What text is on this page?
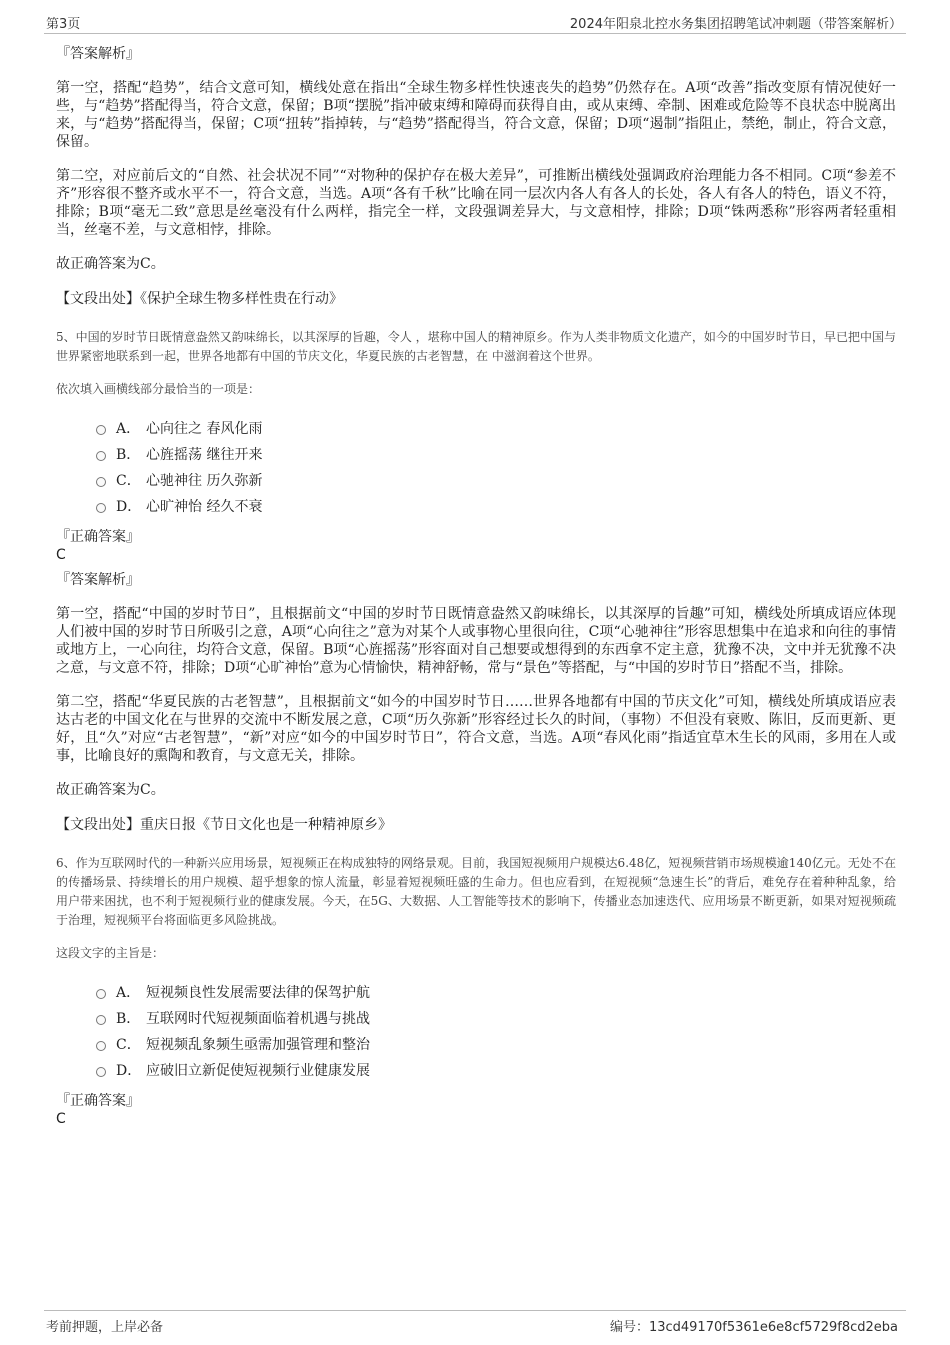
第3页	2024年阳泉北控水务集团招聘笔试冲刺题（带答案解析）
『答案解析』

第一空，搭配“趋势”，结合文意可知，横线处意在指出“全球生物多样性快速丧失的趋势”仍然存在。A项“改善”指改变原有情况使好一些，与“趋势”搭配得当，符合文意，保留；B项“摆脱”指冲破束缚和障碍而获得自由，或从束缚、牵制、困难或危险等不良状态中脱离出来，与“趋势”搭配得当，保留；C项“扭转”指掉转，与“趋势”搭配得当，符合文意，保留；D项“遏制”指阻止，禁绝，制止，符合文意，保留。

第二空，对应前后文的“自然、社会状况不同”“对物种的保护存在极大差异”，可推断出横线处强调政府治理能力各不相同。C项“参差不齐”形容很不整齐或水平不一，符合文意，当选。A项“各有千秋”比喻在同一层次内各人有各人的长处，各人有各人的特色，语义不符，排除；B项“毫无二致”意思是丝毫没有什么两样，指完全一样，文段强调差异大，与文意相悖，排除；D项“铢两悉称”形容两者轻重相当，丝毫不差，与文意相悖，排除。

故正确答案为C。

【文段出处】《保护全球生物多样性贵在行动》

5、中国的岁时节日既情意盎然又韵味绵长，以其深厚的旨趣，令人 ，堪称中国人的精神原乡。作为人类非物质文化遗产，如今的中国岁时节日，早已把中国与世界紧密地联系到一起，世界各地都有中国的节庆文化，华夏民族的古老智慧，在 中滋润着这个世界。

依次填入画横线部分最恰当的一项是：
A． 心向往之 春风化雨
B． 心旌摇荡 继往开来
C． 心驰神往 历久弥新
D． 心旷神怡 经久不衰
『正确答案』
C
『答案解析』

第一空，搭配“中国的岁时节日”，且根据前文“中国的岁时节日既情意盎然又韵味绵长，以其深厚的旨趣”可知，横线处所填成语应体现人们被中国的岁时节日所吸引之意，A项“心向往之”意为对某个人或事物心里很向往，C项“心驰神往”形容思想集中在追求和向往的事情或地方上，一心向往，均符合文意，保留。B项“心旌摇荡”形容面对自己想要或想得到的东西拿不定主意，犹豫不决，文中并无犹豫不决之意，与文意不符，排除；D项“心旷神怡”意为心情愉快，精神舒畅，常与“景色”等搭配，与“中国的岁时节日”搭配不当，排除。

第二空，搭配“华夏民族的古老智慧”，且根据前文“如今的中国岁时节日……世界各地都有中国的节庆文化”可知，横线处所填成语应表达古老的中国文化在与世界的交流中不断发展之意，C项“历久弥新”形容经过长久的时间，（事物）不但没有衰败、陈旧，反而更新、更好，且“久”对应“古老智慧”，“新”对应“如今的中国岁时节日”，符合文意，当选。A项“春风化雨”指适宜草木生长的风雨，多用在人或事，比喻良好的熏陶和教育，与文意无关，排除。

故正确答案为C。

【文段出处】重庆日报《节日文化也是一种精神原乡》

6、作为互联网时代的一种新兴应用场景，短视频正在构成独特的网络景观。目前，我国短视频用户规模达6.48亿，短视频营销市场规模逾140亿元。无处不在的传播场景、持续增长的用户规模、超乎想象的惊人流量，彰显着短视频旺盛的生命力。但也应看到，在短视频“急速生长”的背后，难免存在着种种乱象，给用户带来困扰，也不利于短视频行业的健康发展。今天，在5G、大数据、人工智能等技术的影响下，传播业态加速迭代、应用场景不断更新，如果对短视频疏于治理，短视频平台将面临更多风险挑战。

这段文字的主旨是：
A． 短视频良性发展需要法律的保驾护航
B． 互联网时代短视频面临着机遇与挑战
C． 短视频乱象频生亟需加强管理和整治
D． 应破旧立新促使短视频行业健康发展
『正确答案』
C
考前押题，上岸必备	编号：13cd49170f5361e6e8cf5729f8cd2eba
